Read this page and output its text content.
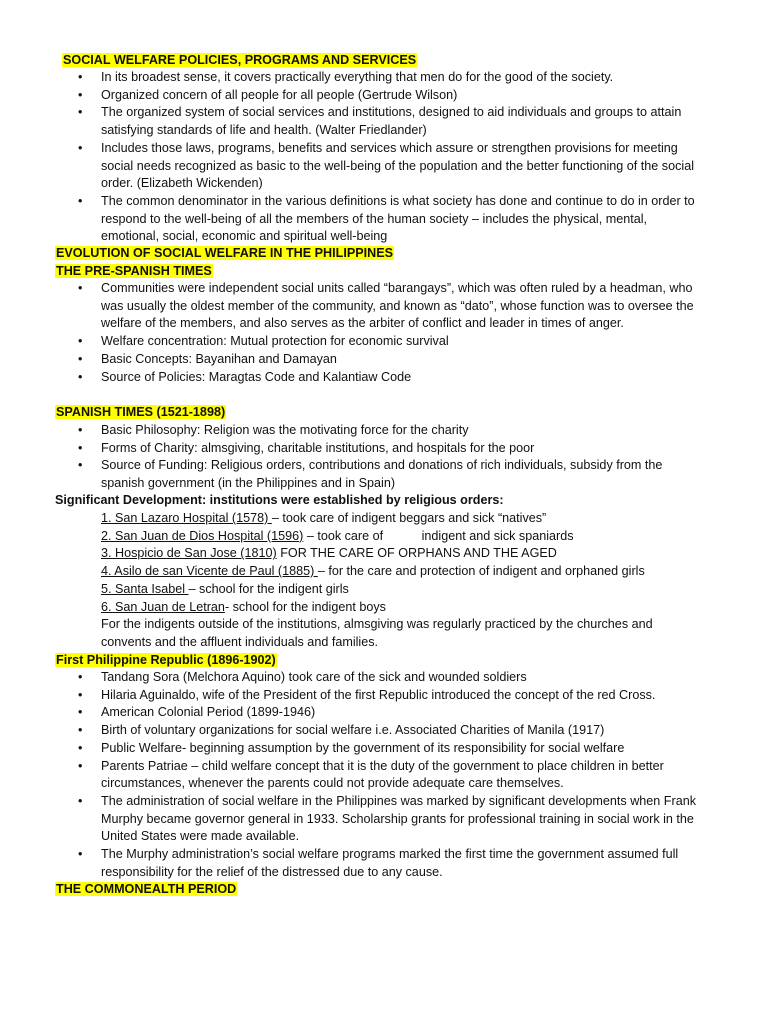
SOCIAL WELFARE POLICIES, PROGRAMS AND SERVICES
• In its broadest sense, it covers practically everything that men do for the good of the society.
• Organized concern of all people for all people (Gertrude Wilson)
• The organized system of social services and institutions, designed to aid individuals and groups to attain satisfying standards of life and health. (Walter Friedlander)
• Includes those laws, programs, benefits and services which assure or strengthen provisions for meeting social needs recognized as basic to the well-being of the population and the better functioning of the social order. (Elizabeth Wickenden)
• The common denominator in the various definitions is what society has done and continue to do in order to respond to the well-being of all the members of the human society – includes the physical, mental, emotional, social, economic and spiritual well-being
EVOLUTION OF SOCIAL WELFARE IN THE PHILIPPINES
THE PRE-SPANISH TIMES
• Communities were independent social units called “barangays”, which was often ruled by a headman, who was usually the oldest member of the community, and known as “dato”, whose function was to oversee the welfare of the members, and also serves as the arbiter of conflict and leader in times of anger.
• Welfare concentration: Mutual protection for economic survival
• Basic Concepts: Bayanihan and Damayan
• Source of Policies: Maragtas Code and Kalantiaw Code
SPANISH TIMES (1521-1898)
• Basic Philosophy: Religion was the motivating force for the charity
• Forms of Charity: almsgiving, charitable institutions, and hospitals for the poor
• Source of Funding: Religious orders, contributions and donations of rich individuals, subsidy from the spanish government (in the Philippines and in Spain)
Significant Development: institutions were established by religious orders:
1. San Lazaro Hospital (1578) – took care of indigent beggars and sick “natives”
2. San Juan de Dios Hospital (1596) – took care of           indigent and sick spaniards
3. Hospicio de San Jose (1810) FOR THE CARE OF ORPHANS AND THE AGED
4. Asilo de san Vicente de Paul (1885) – for the care and protection of indigent and orphaned girls
5. Santa Isabel – school for the indigent girls
6. San Juan de Letran- school for the indigent boys
For the indigents outside of the institutions, almsgiving was regularly practiced by the churches and convents and the affluent individuals and families.
First Philippine Republic (1896-1902)
• Tandang Sora (Melchora Aquino) took care of the sick and wounded soldiers
• Hilaria Aguinaldo, wife of the President of the first Republic introduced the concept of the red Cross.
• American Colonial Period (1899-1946)
• Birth of voluntary organizations for social welfare i.e. Associated Charities of Manila (1917)
• Public Welfare- beginning assumption by the government of its responsibility for social welfare
• Parents Patriae – child welfare concept that it is the duty of the government to place children in better circumstances, whenever the parents could not provide adequate care themselves.
• The administration of social welfare in the Philippines was marked by significant developments when Frank Murphy became governor general in 1933. Scholarship grants for professional training in social work in the United States were made available.
• The Murphy administration’s social welfare programs marked the first time the government assumed full responsibility for the relief of the distressed due to any cause.
THE COMMONEALTH PERIOD
